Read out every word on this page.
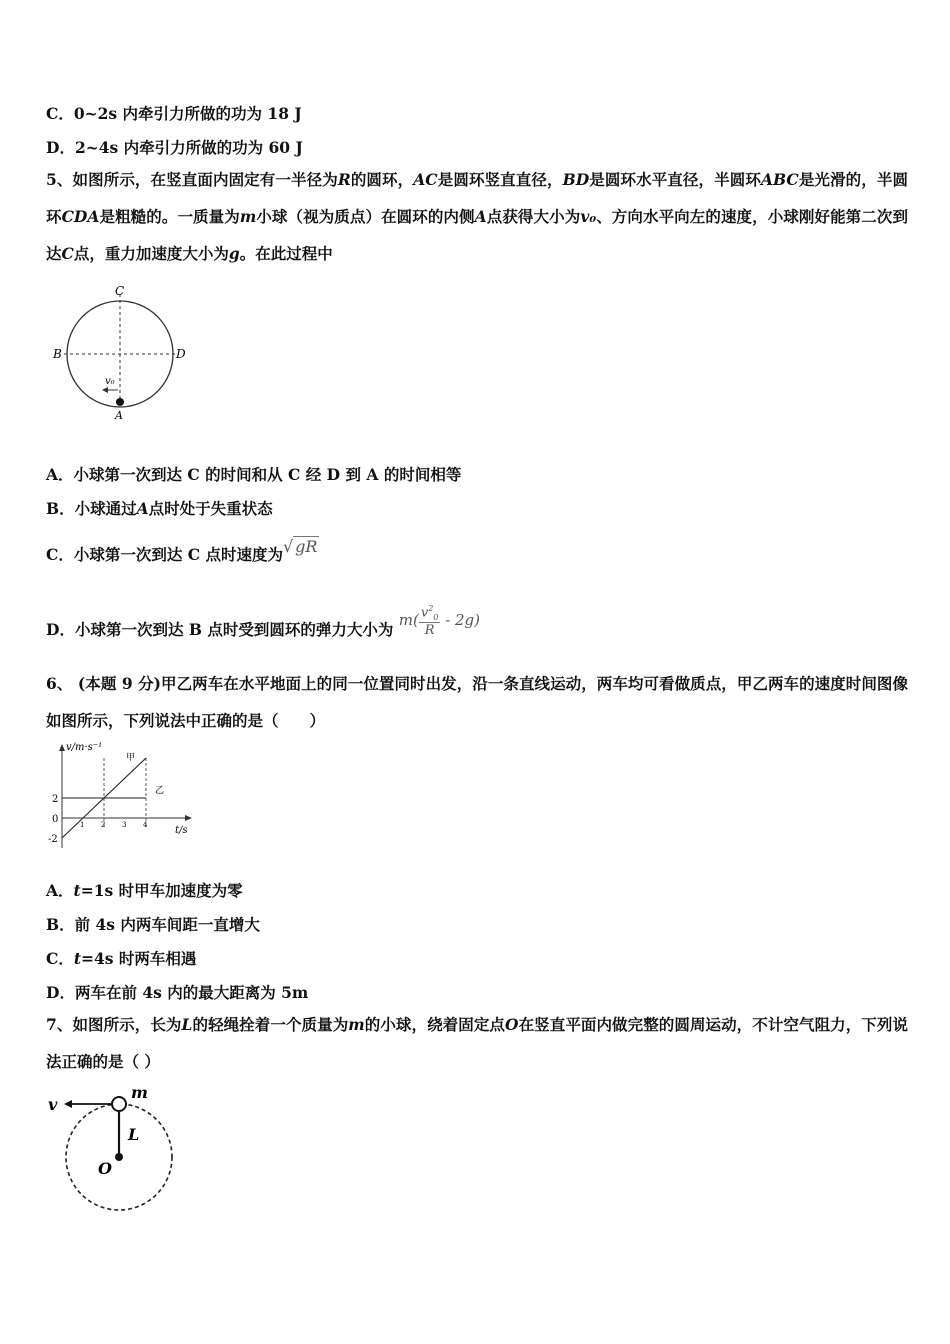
C．0~2s 内牵引力所做的功为 18 J
D．2~4s 内牵引力所做的功为 60 J
5、如图所示，在竖直面内固定有一半径为R的圆环，AC是圆环竖直直径，BD是圆环水平直径，半圆环ABC是光滑的，半圆环CDA是粗糙的。一质量为m小球（视为质点）在圆环的内侧A点获得大小为v₀、方向水平向左的速度，小球刚好能第二次到达C点，重力加速度大小为g。在此过程中
C
B	D
A
v₀
A．小球第一次到达 C 的时间和从 C 经 D 到 A 的时间相等
B．小球通过A点时处于失重状态
C．小球第一次到达 C 点时速度为√ gR
D．小球第一次到达 B 点时受到圆环的弹力大小为 $m( \frac{v^2_0}{R} - 2g)$
6、 (本题 9 分)甲乙两车在水平地面上的同一位置同时出发，沿一条直线运动，两车均可看做质点，甲乙两车的速度时间图像如图所示，下列说法中正确的是（　　）
v/m·s⁻¹
t/s
1 2 3 4
2
0
-2
甲
乙
A．t=1s 时甲车加速度为零
B．前 4s 内两车间距一直增大
C．t=4s 时两车相遇
D．两车在前 4s 内的最大距离为 5m
7、如图所示，长为L的轻绳拴着一个质量为m的小球，绕着固定点O在竖直平面内做完整的圆周运动，不计空气阻力，下列说法正确的是（ ）
v
m
L
O
